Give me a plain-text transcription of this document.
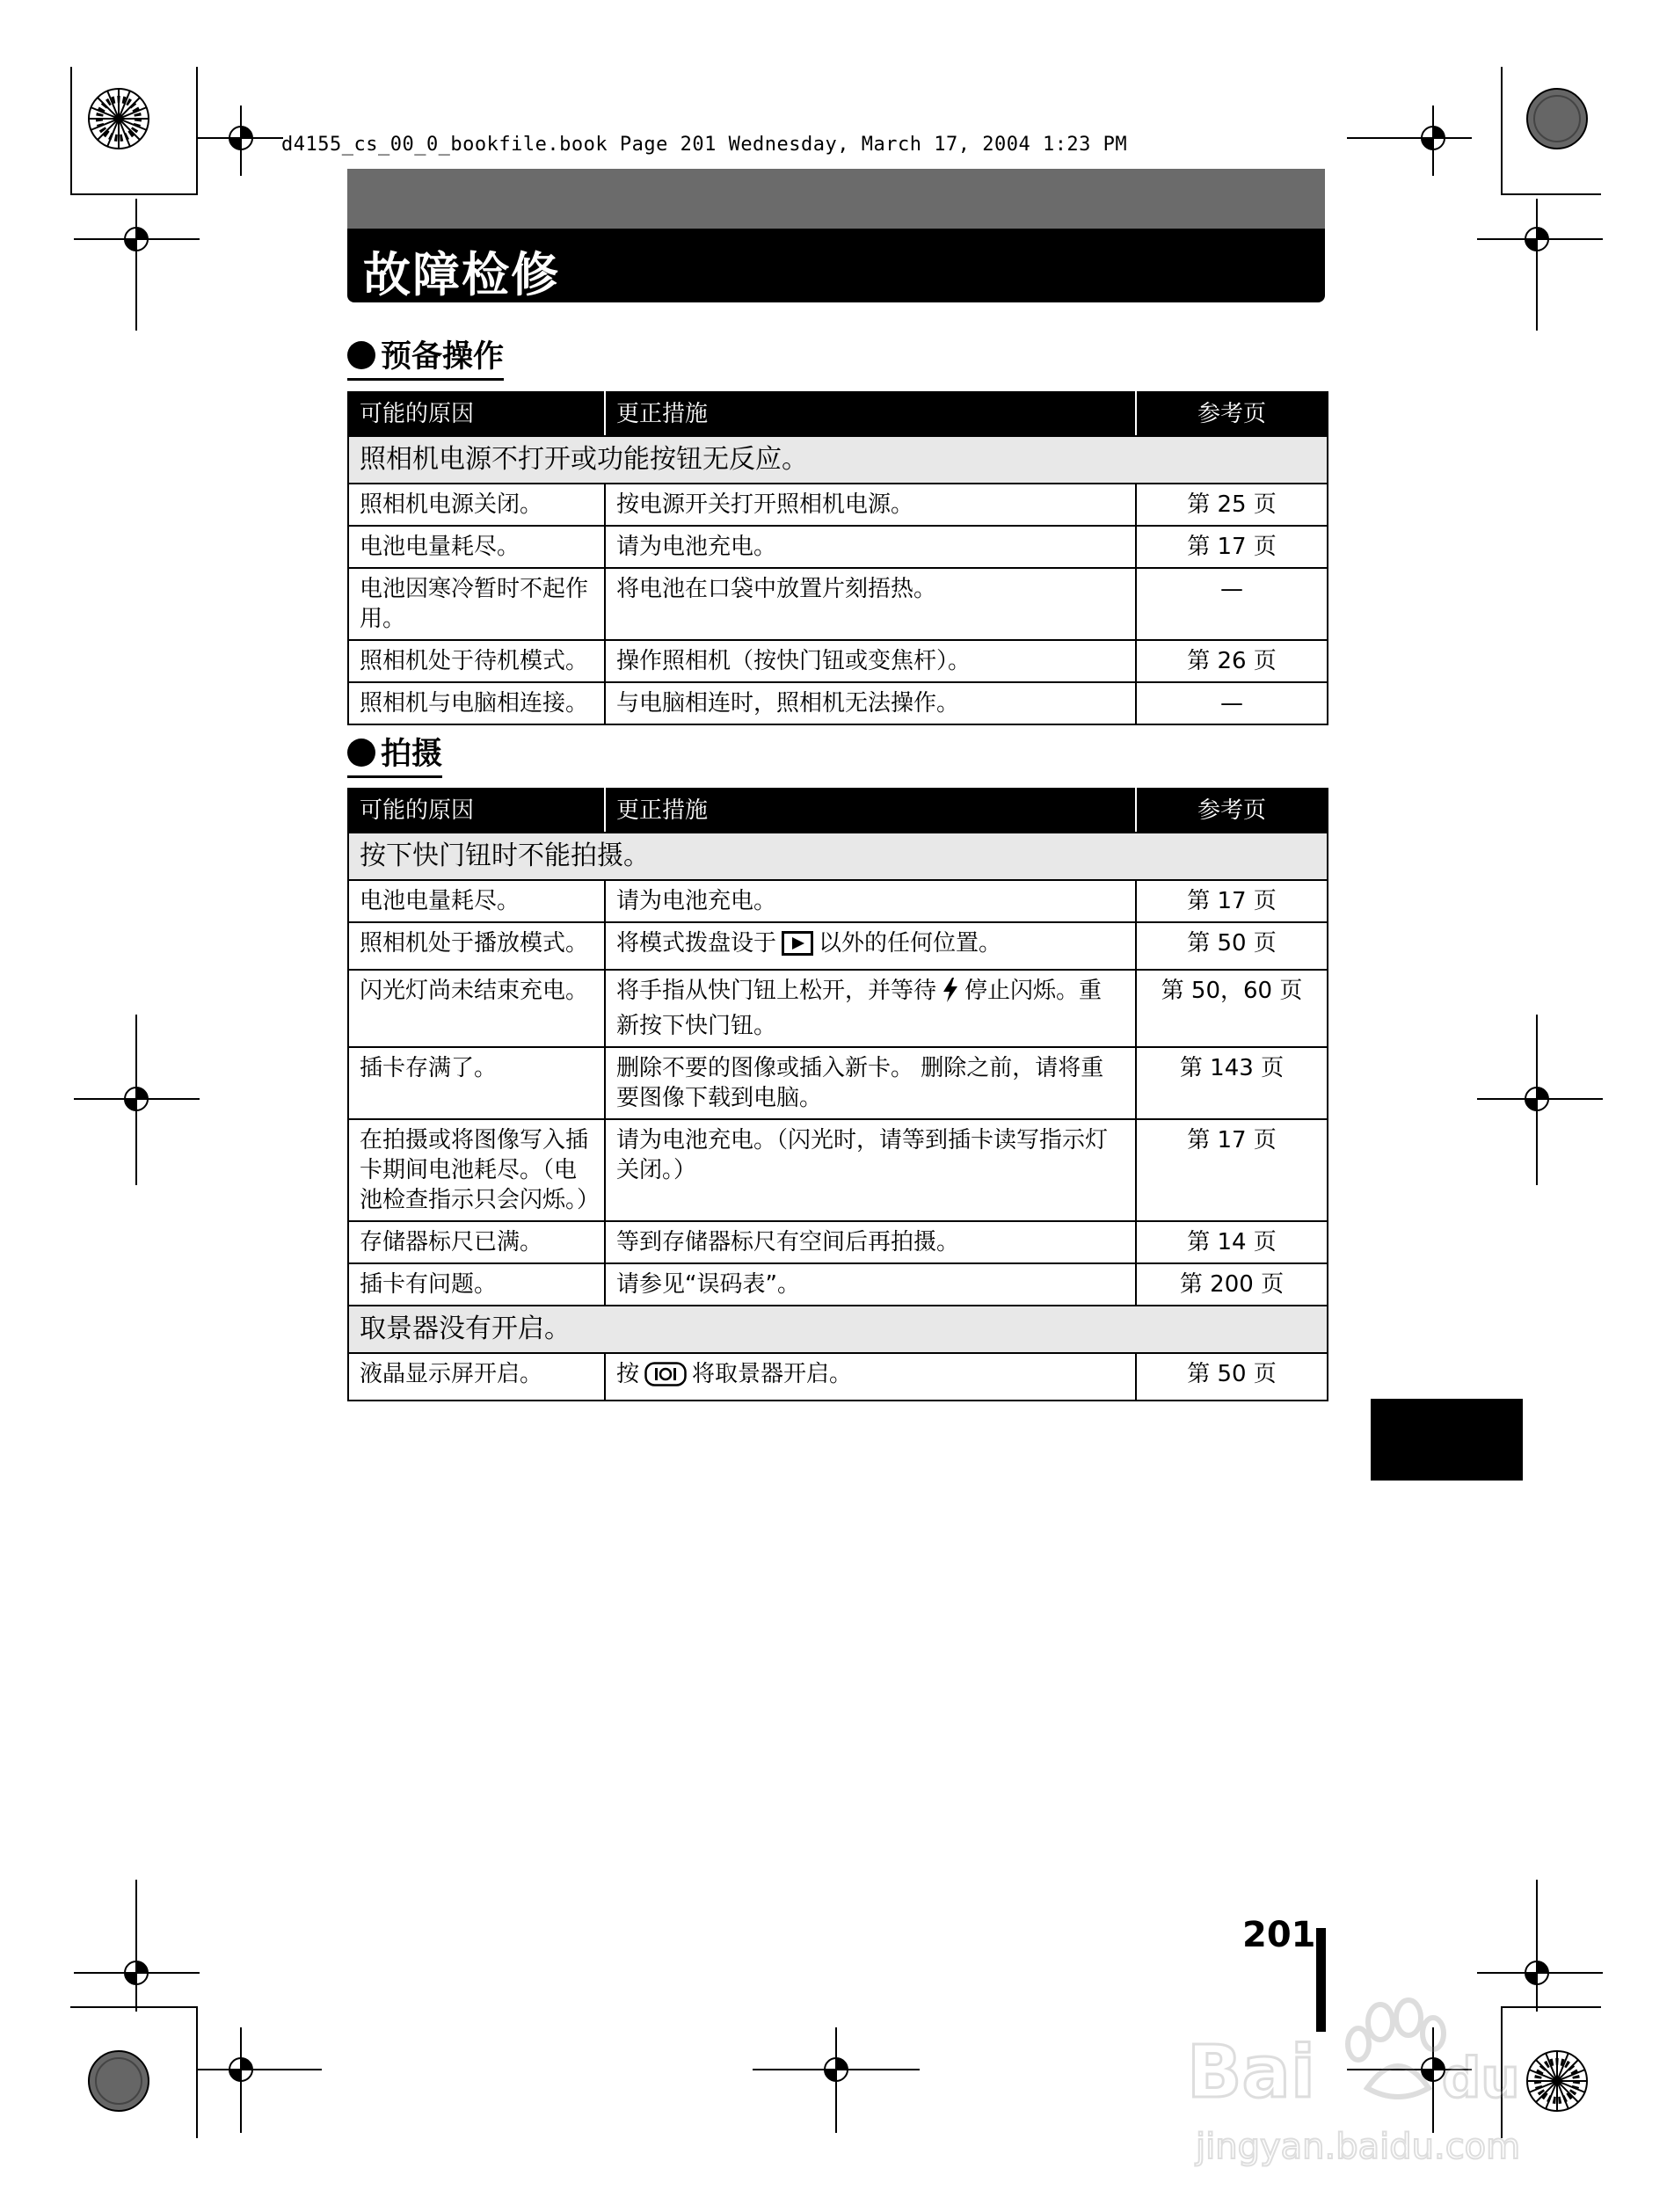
d4155_cs_00_0_bookfile.book Page 201 Wednesday, March 17, 2004 1:23 PM
故障检修
预备操作
可能的原因	更正措施	参考页
照相机电源不打开或功能按钮无反应。		
照相机电源关闭。	按电源开关打开照相机电源。	第 25 页
电池电量耗尽。	请为电池充电。	第 17 页
电池因寒冷暂时不起作用。	将电池在口袋中放置片刻捂热。	—
照相机处于待机模式。	操作照相机（按快门钮或变焦杆）。	第 26 页
照相机与电脑相连接。	与电脑相连时，照相机无法操作。	—
拍摄
可能的原因	更正措施	参考页
按下快门钮时不能拍摄。		
电池电量耗尽。	请为电池充电。	第 17 页
照相机处于播放模式。	将模式拨盘设于 以外的任何位置。	第 50 页
闪光灯尚未结束充电。	将手指从快门钮上松开，并等待 停止闪烁。重新按下快门钮。	第 50，60 页
插卡存满了。	删除不要的图像或插入新卡。 删除之前，请将重要图像下载到电脑。	第 143 页
在拍摄或将图像写入插卡期间电池耗尽。（电池检查指示只会闪烁。）	请为电池充电。（闪光时，请等到插卡读写指示灯关闭。）	第 17 页
存储器标尺已满。	等到存储器标尺有空间后再拍摄。	第 14 页
插卡有问题。	请参见“误码表”。	第 200 页
取景器没有开启。		
液晶显示屏开启。	按 将取景器开启。	第 50 页
201
Bai du
jingyan.baidu.com
